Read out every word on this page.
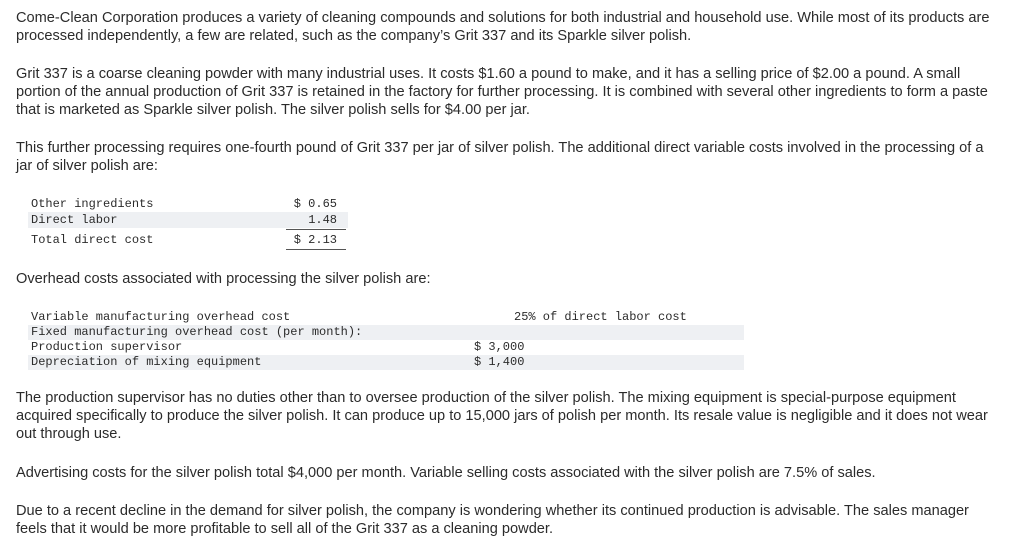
Come-Clean Corporation produces a variety of cleaning compounds and solutions for both industrial and household use. While most of its products are processed independently, a few are related, such as the company’s Grit 337 and its Sparkle silver polish.

Grit 337 is a coarse cleaning powder with many industrial uses. It costs $1.60 a pound to make, and it has a selling price of $2.00 a pound. A small portion of the annual production of Grit 337 is retained in the factory for further processing. It is combined with several other ingredients to form a paste that is marketed as Sparkle silver polish. The silver polish sells for $4.00 per jar.

This further processing requires one-fourth pound of Grit 337 per jar of silver polish. The additional direct variable costs involved in the processing of a jar of silver polish are:

Other ingredients	$ 0.65
Direct labor	1.48
Total direct cost	$ 2.13

Overhead costs associated with processing the silver polish are:

Variable manufacturing overhead cost	25% of direct labor cost
Fixed manufacturing overhead cost (per month):
Production supervisor	$ 3,000
Depreciation of mixing equipment	$ 1,400

The production supervisor has no duties other than to oversee production of the silver polish. The mixing equipment is special-purpose equipment acquired specifically to produce the silver polish. It can produce up to 15,000 jars of polish per month. Its resale value is negligible and it does not wear out through use.

Advertising costs for the silver polish total $4,000 per month. Variable selling costs associated with the silver polish are 7.5% of sales.

Due to a recent decline in the demand for silver polish, the company is wondering whether its continued production is advisable. The sales manager feels that it would be more profitable to sell all of the Grit 337 as a cleaning powder.
